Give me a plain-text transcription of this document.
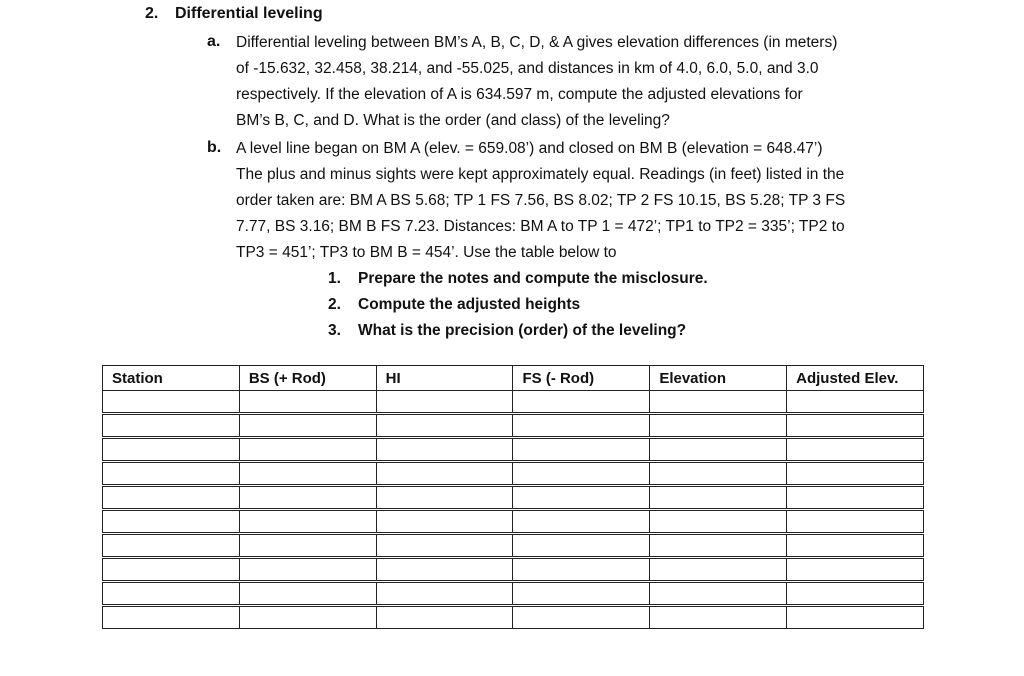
2. Differential leveling
a. Differential leveling between BM’s A, B, C, D, & A gives elevation differences (in meters)
of -15.632, 32.458, 38.214, and -55.025, and distances in km of 4.0, 6.0, 5.0, and 3.0
respectively. If the elevation of A is 634.597 m, compute the adjusted elevations for
BM’s B, C, and D. What is the order (and class) of the leveling?
b. A level line began on BM A (elev. = 659.08’) and closed on BM B (elevation = 648.47’)
The plus and minus sights were kept approximately equal. Readings (in feet) listed in the
order taken are: BM A BS 5.68; TP 1 FS 7.56, BS 8.02; TP 2 FS 10.15, BS 5.28; TP 3 FS
7.77, BS 3.16; BM B FS 7.23. Distances: BM A to TP 1 = 472’; TP1 to TP2 = 335’; TP2 to
TP3 = 451’; TP3 to BM B = 454’. Use the table below to
1. Prepare the notes and compute the misclosure.
2. Compute the adjusted heights
3. What is the precision (order) of the leveling?
Station	BS (+ Rod)	HI	FS (- Rod)	Elevation	Adjusted Elev.
